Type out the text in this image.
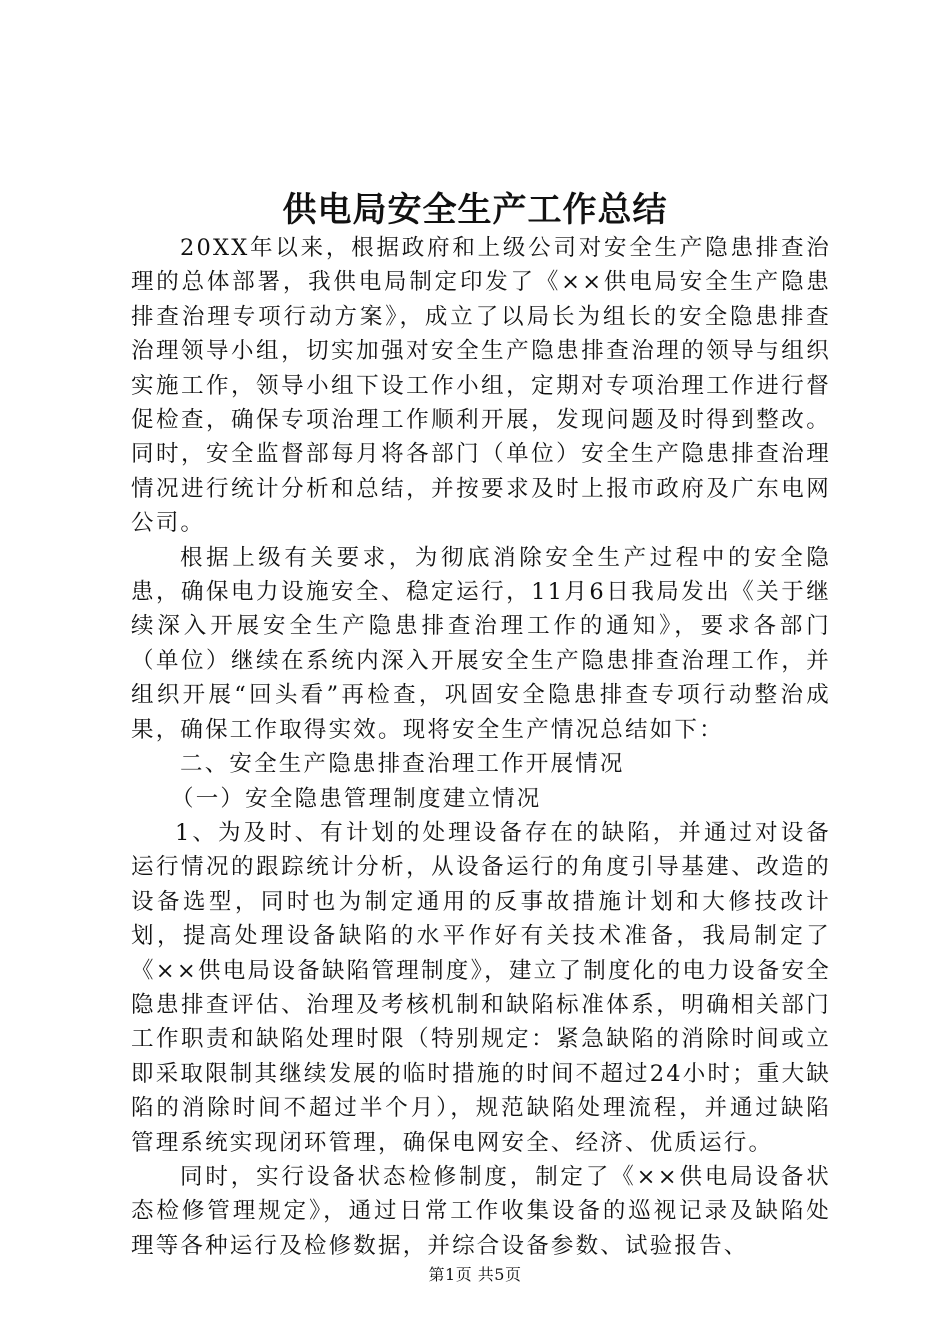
供电局安全生产工作总结

20XX年以来，根据政府和上级公司对安全生产隐患排查治理的总体部署，我供电局制定印发了《××供电局安全生产隐患排查治理专项行动方案》，成立了以局长为组长的安全隐患排查治理领导小组，切实加强对安全生产隐患排查治理的领导与组织实施工作，领导小组下设工作小组，定期对专项治理工作进行督促检查，确保专项治理工作顺利开展，发现问题及时得到整改。同时，安全监督部每月将各部门（单位）安全生产隐患排查治理情况进行统计分析和总结，并按要求及时上报市政府及广东电网公司。

根据上级有关要求，为彻底消除安全生产过程中的安全隐患，确保电力设施安全、稳定运行，11月6日我局发出《关于继续深入开展安全生产隐患排查治理工作的通知》，要求各部门（单位）继续在系统内深入开展安全生产隐患排查治理工作，并组织开展“回头看”再检查，巩固安全隐患排查专项行动整治成果，确保工作取得实效。现将安全生产情况总结如下：

二、安全生产隐患排查治理工作开展情况

（一）安全隐患管理制度建立情况

1、为及时、有计划的处理设备存在的缺陷，并通过对设备运行情况的跟踪统计分析，从设备运行的角度引导基建、改造的设备选型，同时也为制定通用的反事故措施计划和大修技改计划，提高处理设备缺陷的水平作好有关技术准备，我局制定了《××供电局设备缺陷管理制度》，建立了制度化的电力设备安全隐患排查评估、治理及考核机制和缺陷标准体系，明确相关部门工作职责和缺陷处理时限（特别规定：紧急缺陷的消除时间或立即采取限制其继续发展的临时措施的时间不超过24小时；重大缺陷的消除时间不超过半个月），规范缺陷处理流程，并通过缺陷管理系统实现闭环管理，确保电网安全、经济、优质运行。

同时，实行设备状态检修制度，制定了《××供电局设备状态检修管理规定》，通过日常工作收集设备的巡视记录及缺陷处理等各种运行及检修数据，并综合设备参数、试验报告、

第1页 共5页
